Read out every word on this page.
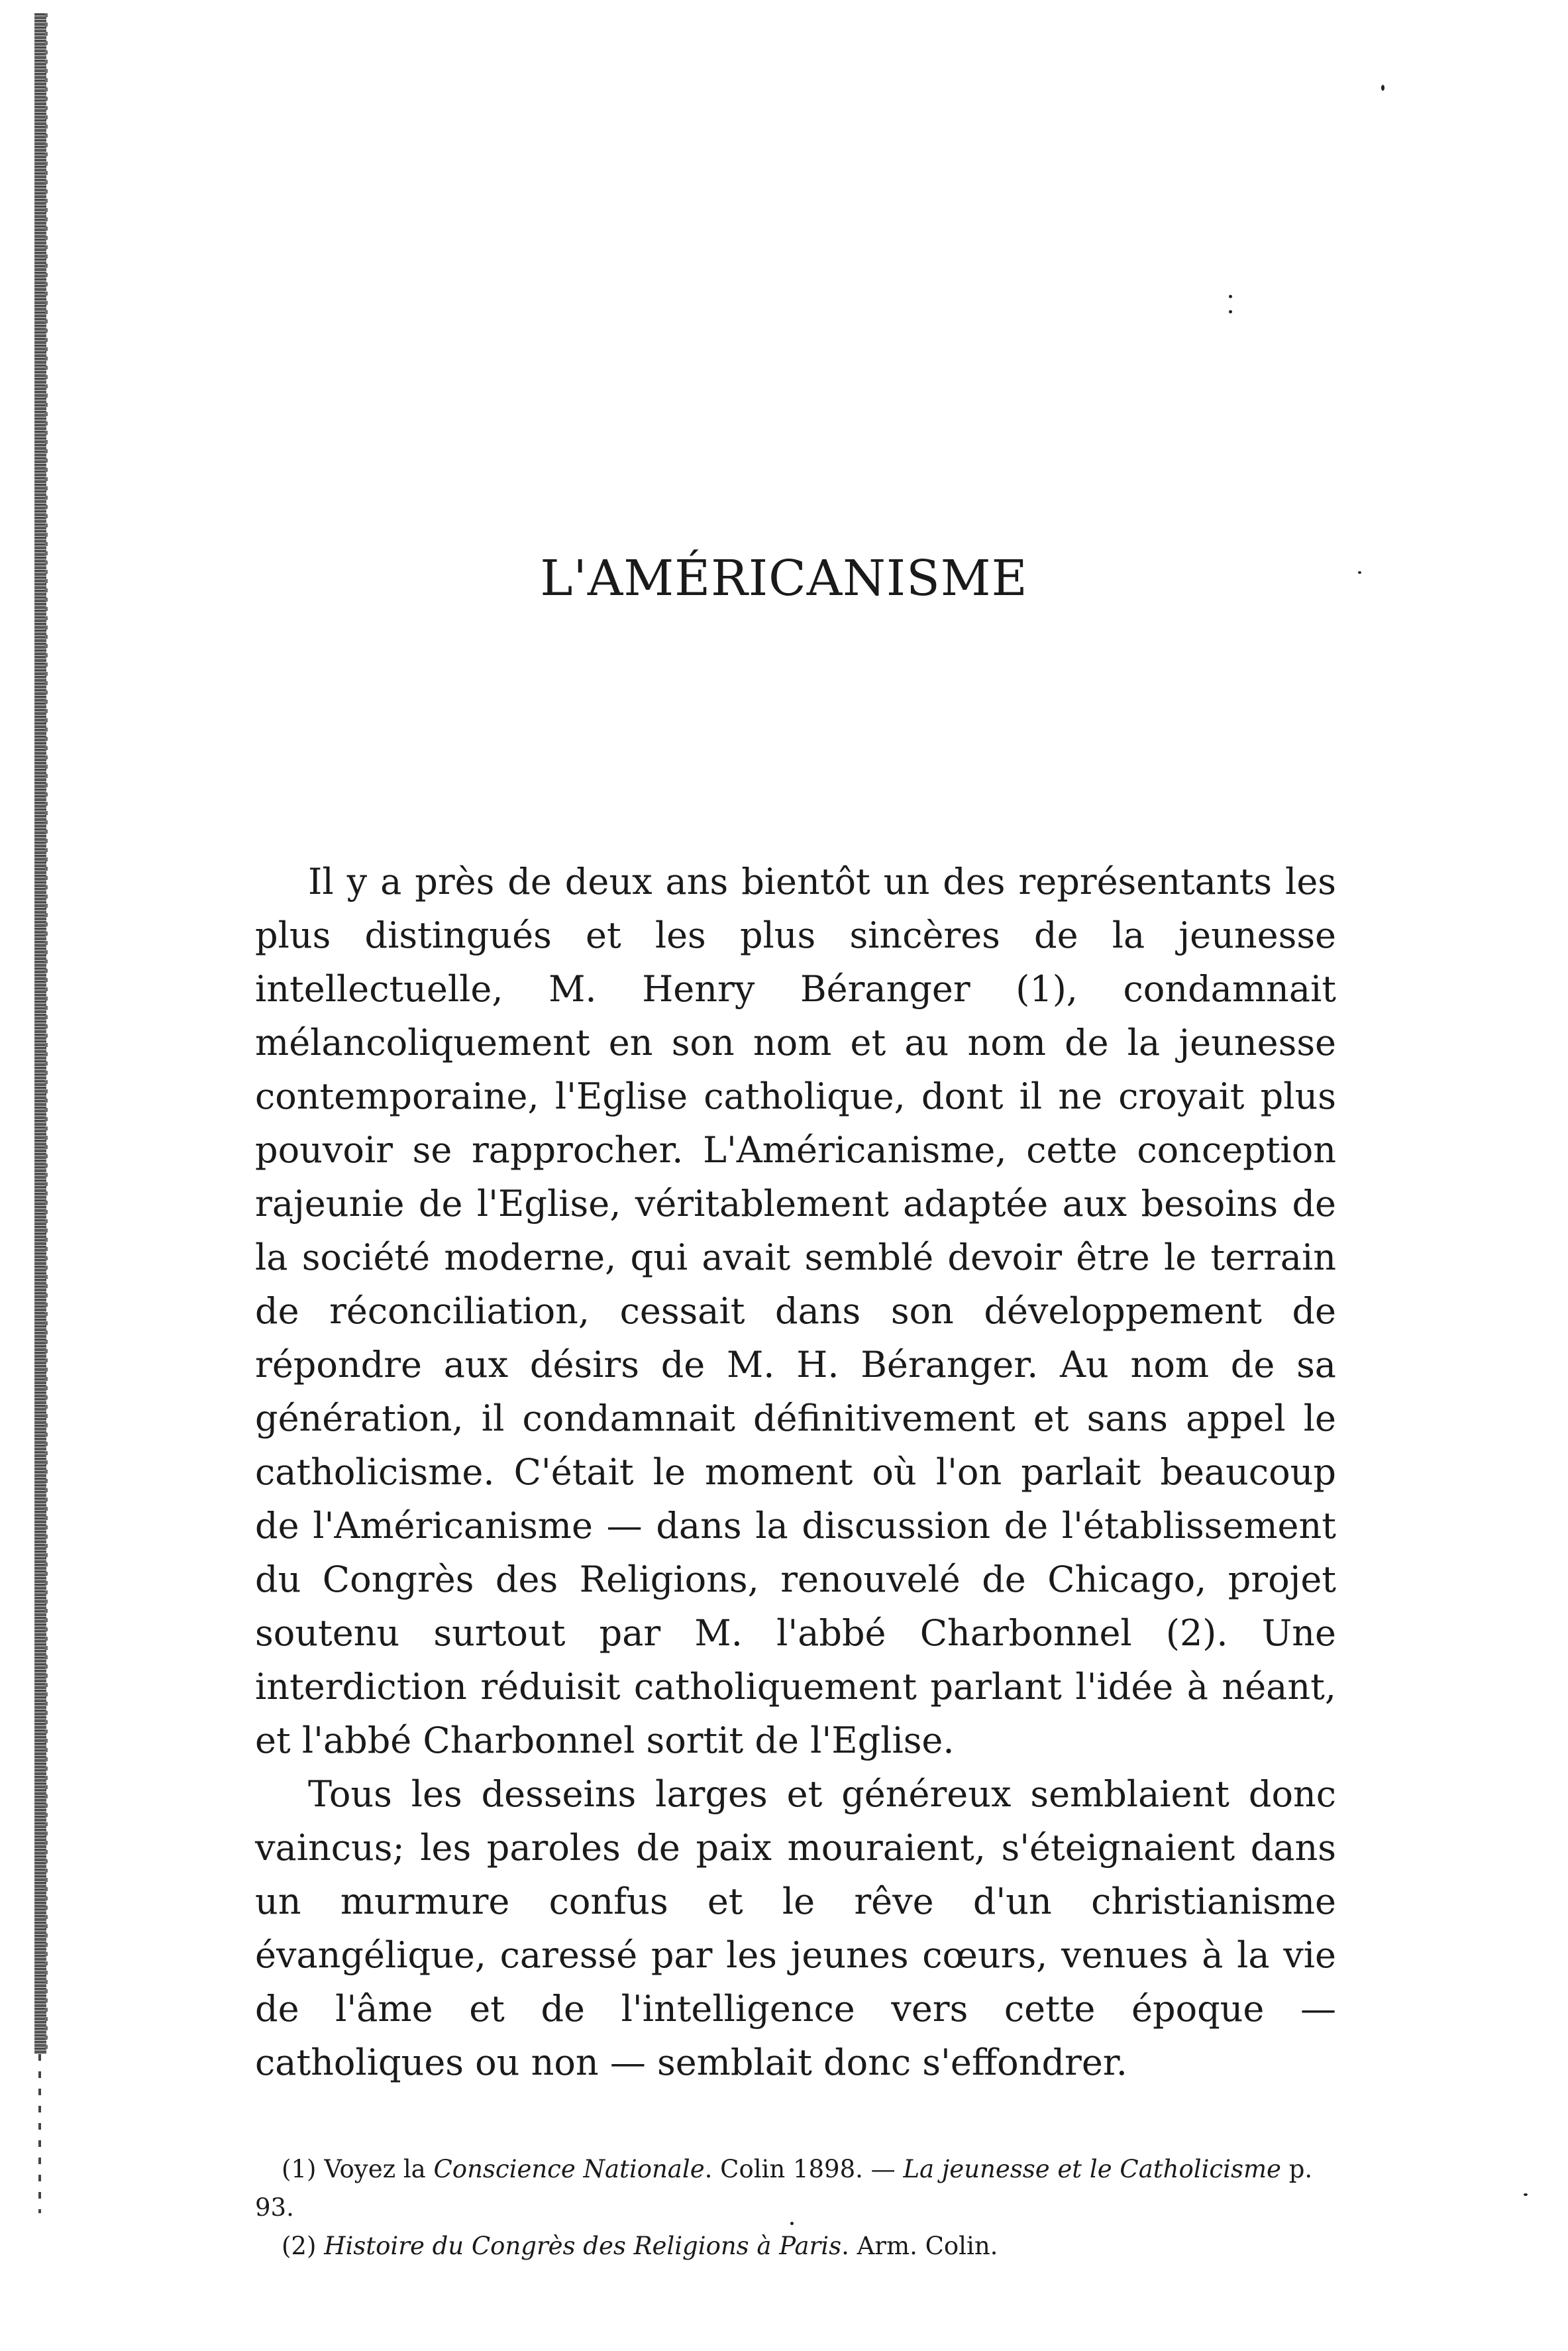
L'AMÉRICANISME

Il y a près de deux ans bientôt un des représentants les plus distingués et les plus sincères de la jeunesse intellectuelle, M. Henry Béranger (1), condamnait mélancoliquement en son nom et au nom de la jeunesse contemporaine, l'Eglise catholique, dont il ne croyait plus pouvoir se rapprocher. L'Américanisme, cette conception rajeunie de l'Eglise, véritablement adaptée aux besoins de la société moderne, qui avait semblé devoir être le terrain de réconciliation, cessait dans son développement de répondre aux désirs de M. H. Béranger. Au nom de sa génération, il condamnait définitivement et sans appel le catholicisme. C'était le moment où l'on parlait beaucoup de l'Américanisme — dans la discussion de l'établissement du Congrès des Religions, renouvelé de Chicago, projet soutenu surtout par M. l'abbé Charbonnel (2). Une interdiction réduisit catholiquement parlant l'idée à néant, et l'abbé Charbonnel sortit de l'Eglise.

Tous les desseins larges et généreux semblaient donc vaincus; les paroles de paix mouraient, s'éteignaient dans un murmure confus et le rêve d'un christianisme évangélique, caressé par les jeunes cœurs, venues à la vie de l'âme et de l'intelligence vers cette époque — catholiques ou non — semblait donc s'effondrer.

(1) Voyez la Conscience Nationale. Colin 1898. — La jeunesse et le Catholicisme p. 93.

(2) Histoire du Congrès des Religions à Paris. Arm. Colin.
